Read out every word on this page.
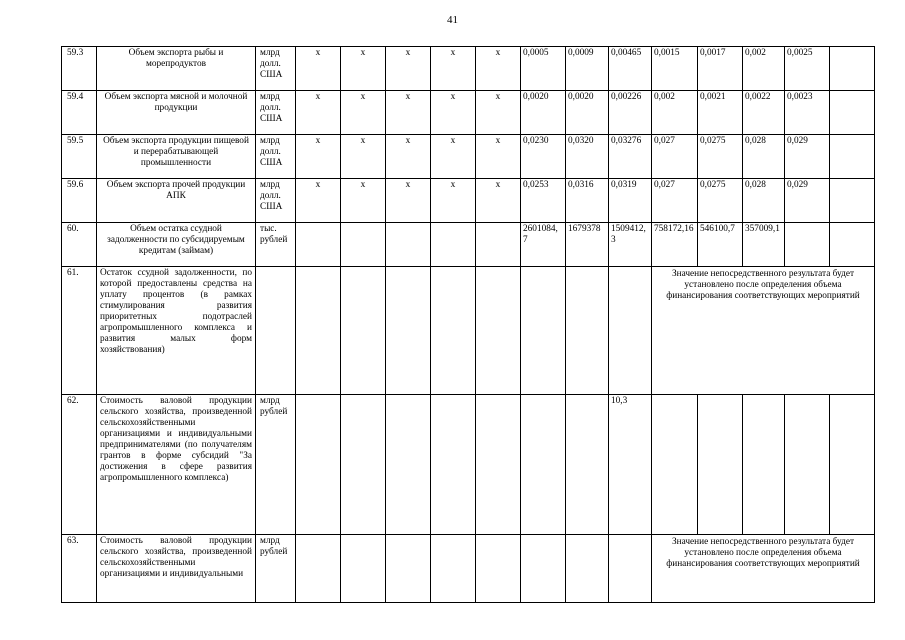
41
59.3	Объем экспорта рыбы и морепродуктов	млрд долл. США	х	х	х	х	х	0,0005	0,0009	0,00465	0,0015	0,0017	0,002	0,0025	
59.4	Объем экспорта мясной и молочной продукции	млрд долл. США	х	х	х	х	х	0,0020	0,0020	0,00226	0,002	0,0021	0,0022	0,0023	
59.5	Объем экспорта продукции пищевой и перерабатывающей промышленности	млрд долл. США	х	х	х	х	х	0,0230	0,0320	0,03276	0,027	0,0275	0,028	0,029	
59.6	Объем экспорта прочей продукции АПК	млрд долл. США	х	х	х	х	х	0,0253	0,0316	0,0319	0,027	0,0275	0,028	0,029	
60.	Объем остатка ссудной задолженности по субсидируемым кредитам (займам)	тыс. рублей						2601084,7	1679378	1509412,3	758172,16	546100,7	357009,1		
61.	Остаток ссудной задолженности, по которой предоставлены средства на уплату процентов (в рамках стимулирования развития приоритетных подотраслей агропромышленного комплекса и развития малых форм хозяйствования)										Значение непосредственного результата будет установлено после определения объема финансирования соответствующих мероприятий				
62.	Стоимость валовой продукции сельского хозяйства, произведенной сельскохозяйственными организациями и индивидуальными предпринимателями (по получателям грантов в форме субсидий "За достижения в сфере развития агропромышленного комплекса)	млрд рублей								10,3					
63.	Стоимость валовой продукции сельского хозяйства, произведенной сельскохозяйственными организациями и индивидуальными	млрд рублей									Значение непосредственного результата будет установлено после определения объема финансирования соответствующих мероприятий				
